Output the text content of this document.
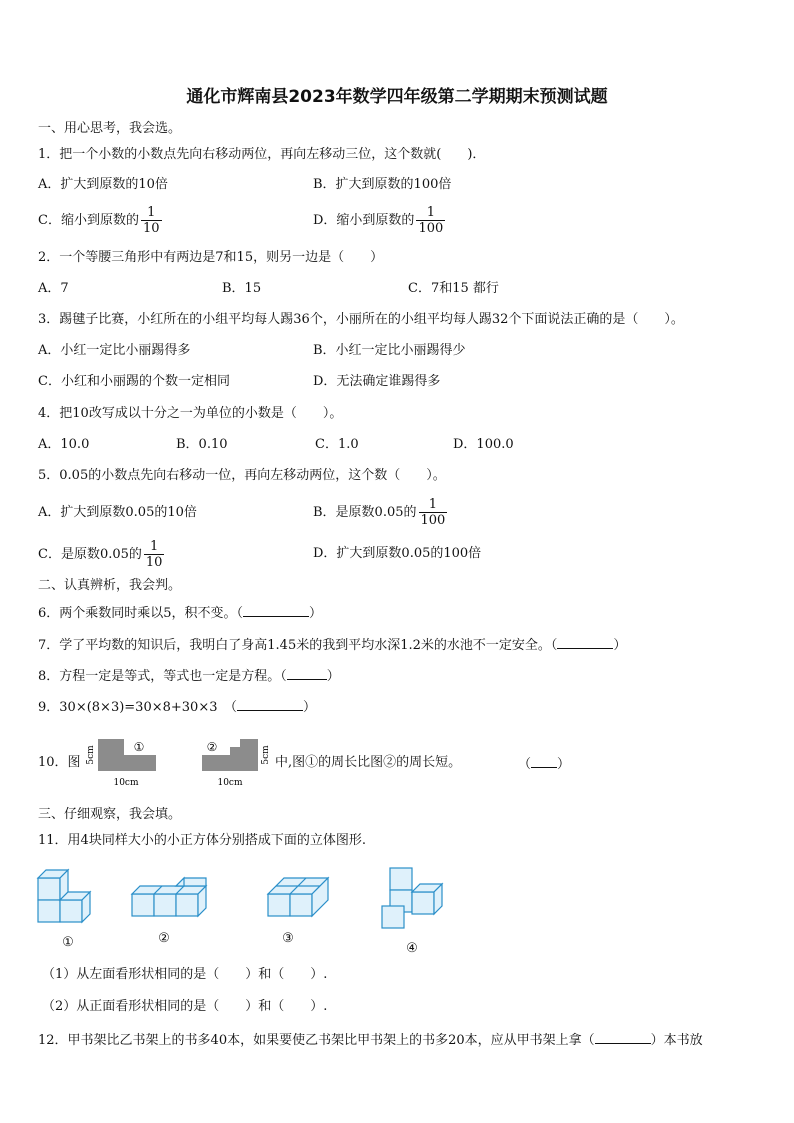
通化市辉南县2023年数学四年级第二学期期末预测试题
一、用心思考，我会选。
1．把一个小数的小数点先向右移动两位，再向左移动三位，这个数就(　　)．
A．扩大到原数的10倍	B．扩大到原数的100倍
C．缩小到原数的 $\frac{1}{10}$	D．缩小到原数的 $\frac{1}{100}$
2．一个等腰三角形中有两边是7和15，则另一边是（　　）
A．7	B．15	C．7和15 都行
3．踢毽子比赛，小红所在的小组平均每人踢36个，小丽所在的小组平均每人踢32个下面说法正确的是（　　）。
A．小红一定比小丽踢得多	B．小红一定比小丽踢得少
C．小红和小丽踢的个数一定相同	D．无法确定谁踢得多
4．把10改写成以十分之一为单位的小数是（　　）。
A．10.0	B．0.10	C．1.0	D．100.0
5．0.05的小数点先向右移动一位，再向左移动两位，这个数（　　）。
A．扩大到原数0.05的10倍	B．是原数0.05的 $\frac{1}{100}$
C．是原数0.05的 $\frac{1}{10}$	D．扩大到原数0.05的100倍
二、认真辨析，我会判。
6．两个乘数同时乘以5，积不变。（	）
7．学了平均数的知识后，我明白了身高1.45米的我到平均水深1.2米的水池不一定安全。（	）
8．方程一定是等式，等式也一定是方程。（	）
9．30×(8×3)=30×8+30×3　（	）
10．图 5cm	①
10cm
②	5cm
10cm
中,图①的周长比图②的周长短。	（ ）
三、仔细观察，我会填。
11．用4块同样大小的小正方体分别搭成下面的立体图形.
①	②	③
④
（1）从左面看形状相同的是（　　）和（　　）.
（2）从正面看形状相同的是（　　）和（　　）.
12．甲书架比乙书架上的书多40本，如果要使乙书架比甲书架上的书多20本，应从甲书架上拿（	）本书放
